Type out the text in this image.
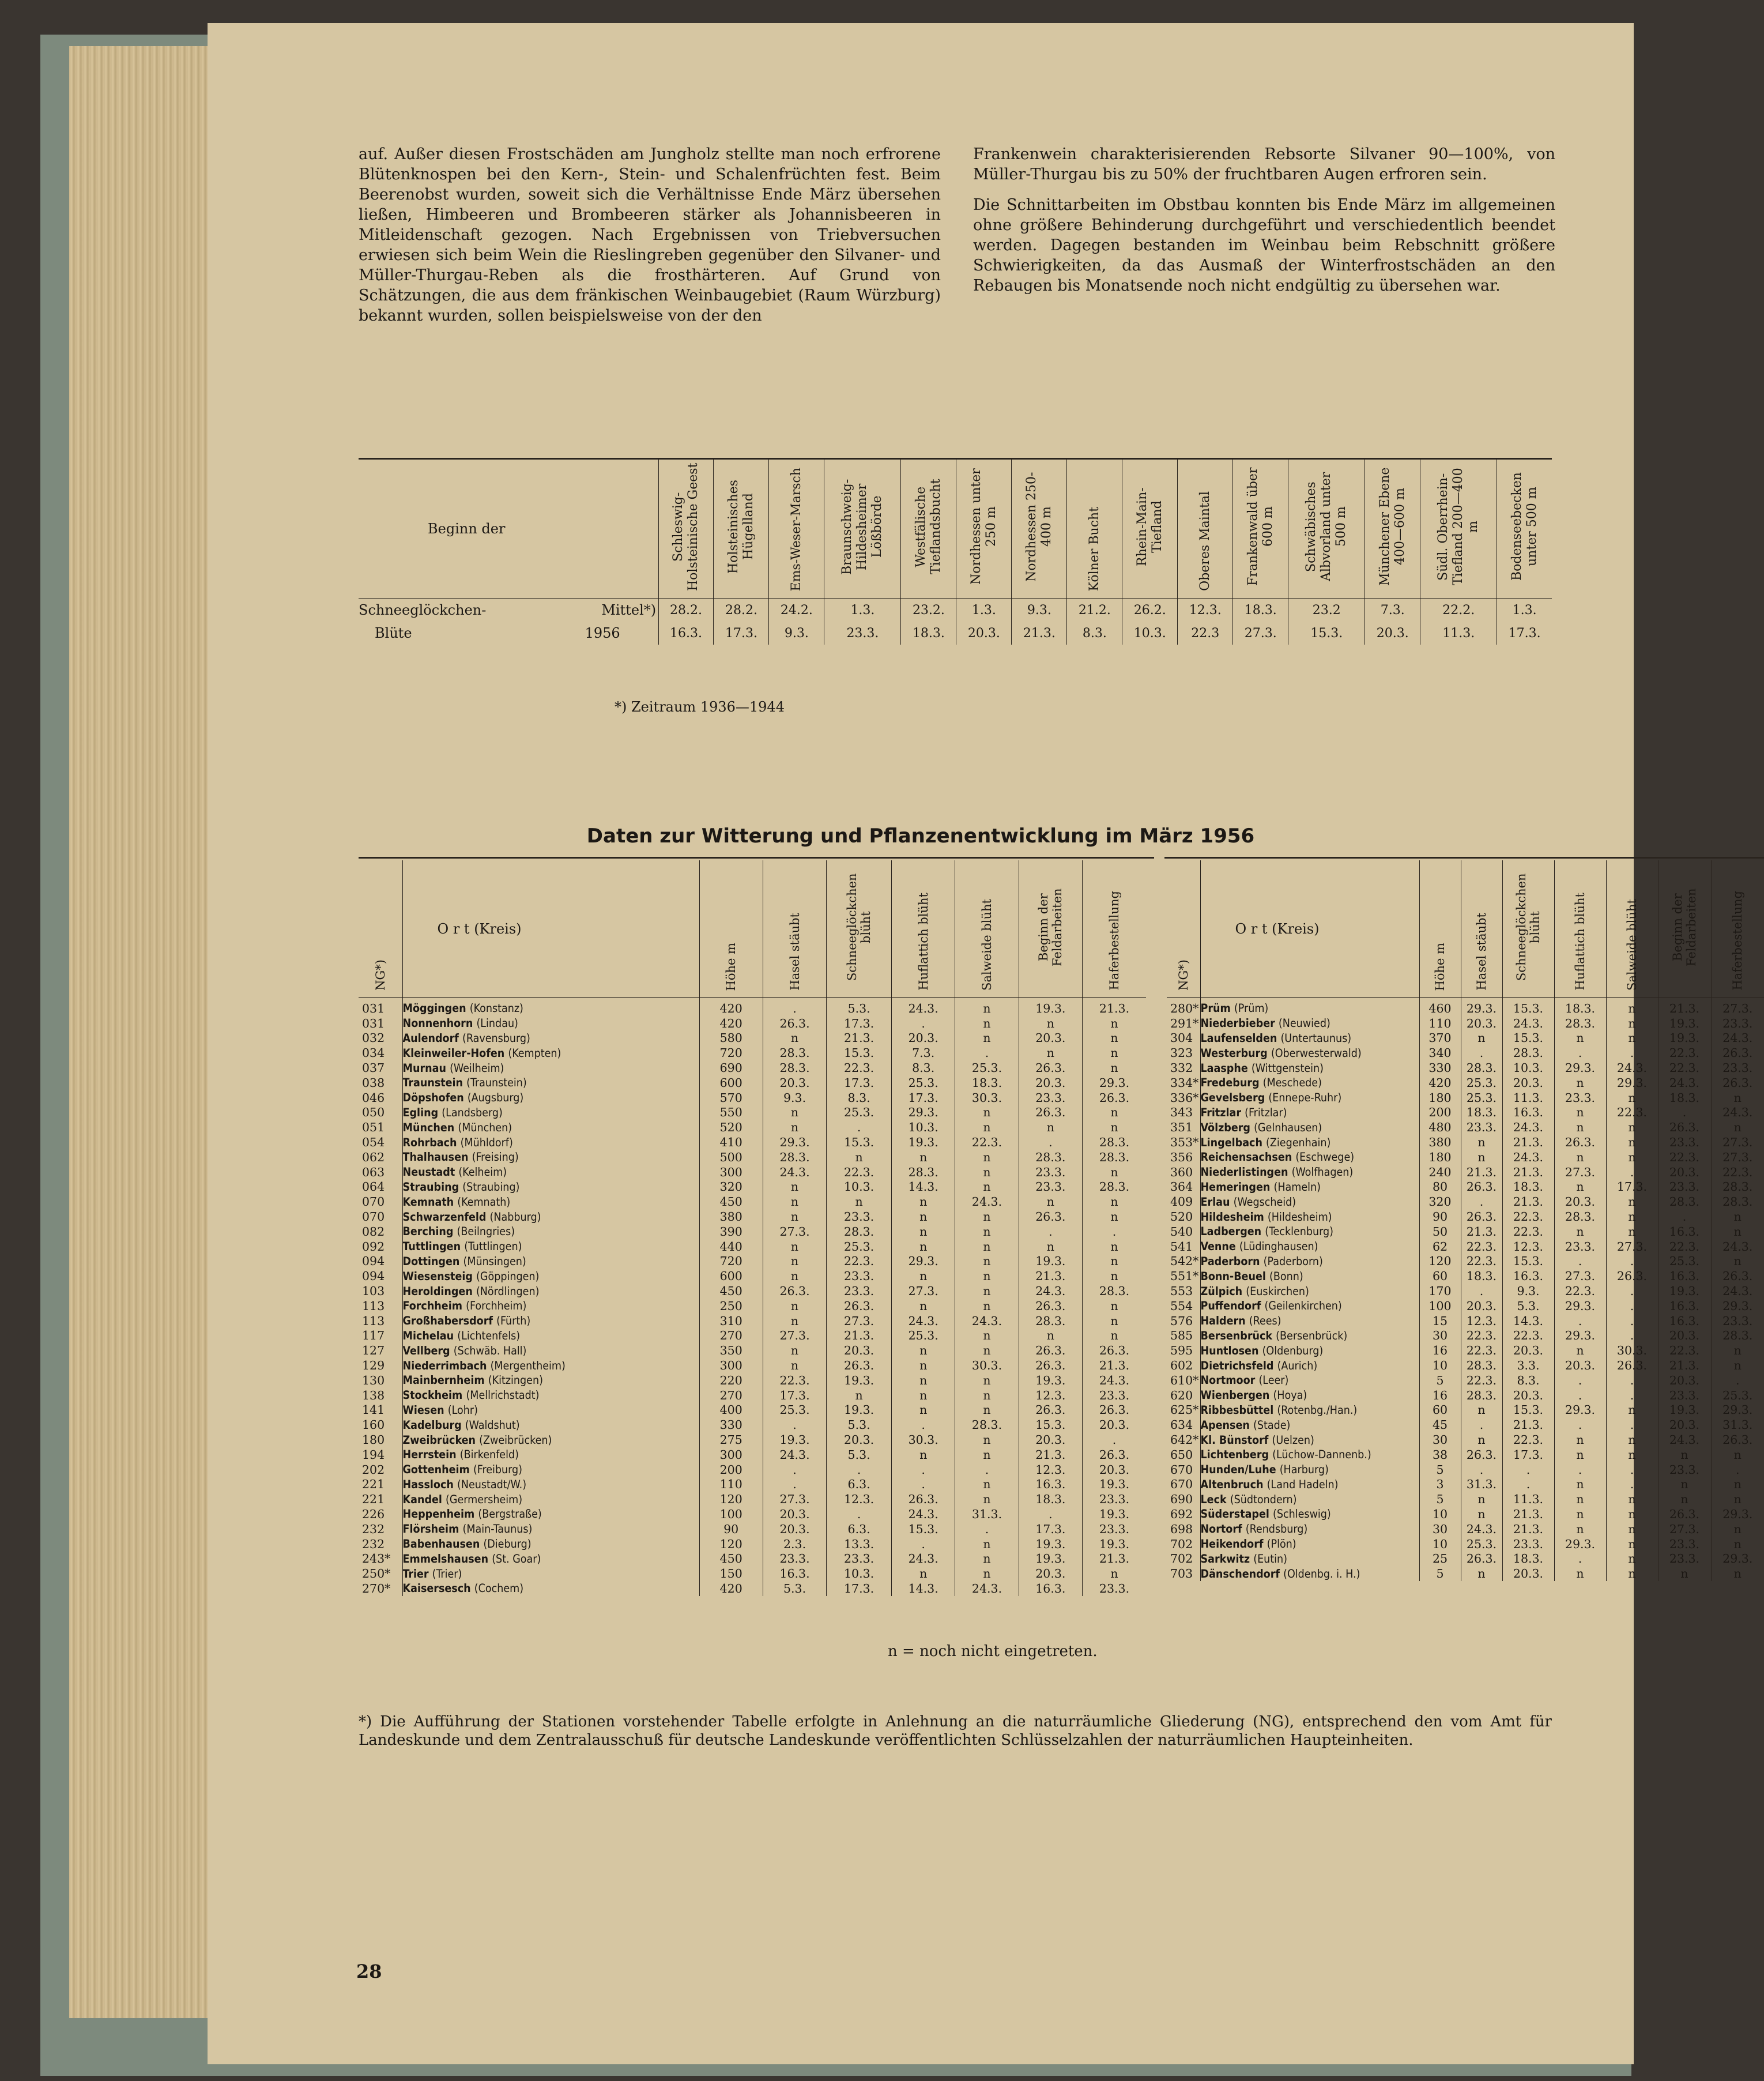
auf. Außer diesen Frostschäden am Jungholz stellte man noch erfrorene Blütenknospen bei den Kern-, Stein- und Schalenfrüchten fest. Beim Beerenobst wurden, soweit sich die Verhältnisse Ende März übersehen ließen, Himbeeren und Brombeeren stärker als Johannisbeeren in Mitleidenschaft gezogen. Nach Ergebnissen von Triebversuchen erwiesen sich beim Wein die Rieslingreben gegenüber den Silvaner- und Müller-Thurgau-Reben als die frosthärteren. Auf Grund von Schätzungen, die aus dem fränkischen Weinbaugebiet (Raum Würzburg) bekannt wurden, sollen beispielsweise von der den

Frankenwein charakterisierenden Rebsorte Silvaner 90—100%, von Müller-Thurgau bis zu 50% der fruchtbaren Augen erfroren sein.

Die Schnittarbeiten im Obstbau konnten bis Ende März im allgemeinen ohne größere Behinderung durchgeführt und verschiedentlich beendet werden. Dagegen bestanden im Weinbau beim Rebschnitt größere Schwierigkeiten, da das Ausmaß der Winterfrostschäden an den Rebaugen bis Monatsende noch nicht endgültig zu übersehen war.

Beginn der	Schleswig-Holsteinische Geest	Holsteinisches Hügelland	Ems-Weser-Marsch	Braunschweig-Hildesheimer Lößbörde	Westfälische Tieflandsbucht	Nordhessen unter 250 m	Nordhessen 250-400 m	Kölner Bucht	Rhein-Main-Tiefland	Oberes Maintal	Frankenwald über 600 m	Schwäbisches Albvorland unter 500 m	Münchener Ebene 400—600 m	Südl. Oberrhein-Tiefland 200—400 m	Bodenseebecken unter 500 m
Schneeglöckchen- Mittel*)	28.2.	28.2.	24.2.	1.3.	23.2.	1.3.	9.3.	21.2.	26.2.	12.3.	18.3.	23.2	7.3.	22.2.	1.3.
Blüte 1956	16.3.	17.3.	9.3.	23.3.	18.3.	20.3.	21.3.	8.3.	10.3.	22.3	27.3.	15.3.	20.3.	11.3.	17.3.
*) Zeitraum 1936—1944
Daten zur Witterung und Pflanzenentwicklung im März 1956
NG*)	O r t (Kreis)	Höhe m	Hasel stäubt	Schneeglöckchen blüht	Huflattich blüht	Salweide blüht	Beginn der Feldarbeiten	Haferbestellung
031	Möggingen (Konstanz)	420	.	5.3.	24.3.	n	19.3.	21.3.
031	Nonnenhorn (Lindau)	420	26.3.	17.3.	.	n	n	n
032	Aulendorf (Ravensburg)	580	n	21.3.	20.3.	n	20.3.	n
034	Kleinweiler-Hofen (Kempten)	720	28.3.	15.3.	7.3.	.	n	n
037	Murnau (Weilheim)	690	28.3.	22.3.	8.3.	25.3.	26.3.	n
038	Traunstein (Traunstein)	600	20.3.	17.3.	25.3.	18.3.	20.3.	29.3.
046	Döpshofen (Augsburg)	570	9.3.	8.3.	17.3.	30.3.	23.3.	26.3.
050	Egling (Landsberg)	550	n	25.3.	29.3.	n	26.3.	n
051	München (München)	520	n	.	10.3.	n	n	n
054	Rohrbach (Mühldorf)	410	29.3.	15.3.	19.3.	22.3.	.	28.3.
062	Thalhausen (Freising)	500	28.3.	n	n	n	28.3.	28.3.
063	Neustadt (Kelheim)	300	24.3.	22.3.	28.3.	n	23.3.	n
064	Straubing (Straubing)	320	n	10.3.	14.3.	n	23.3.	28.3.
070	Kemnath (Kemnath)	450	n	n	n	24.3.	n	n
070	Schwarzenfeld (Nabburg)	380	n	23.3.	n	n	26.3.	n
082	Berching (Beilngries)	390	27.3.	28.3.	n	n	.	.
092	Tuttlingen (Tuttlingen)	440	n	25.3.	n	n	n	n
094	Dottingen (Münsingen)	720	n	22.3.	29.3.	n	19.3.	n
094	Wiesensteig (Göppingen)	600	n	23.3.	n	n	21.3.	n
103	Heroldingen (Nördlingen)	450	26.3.	23.3.	27.3.	n	24.3.	28.3.
113	Forchheim (Forchheim)	250	n	26.3.	n	n	26.3.	n
113	Großhabersdorf (Fürth)	310	n	27.3.	24.3.	24.3.	28.3.	n
117	Michelau (Lichtenfels)	270	27.3.	21.3.	25.3.	n	n	n
127	Vellberg (Schwäb. Hall)	350	n	20.3.	n	n	26.3.	26.3.
129	Niederrimbach (Mergentheim)	300	n	26.3.	n	30.3.	26.3.	21.3.
130	Mainbernheim (Kitzingen)	220	22.3.	19.3.	n	n	19.3.	24.3.
138	Stockheim (Mellrichstadt)	270	17.3.	n	n	n	12.3.	23.3.
141	Wiesen (Lohr)	400	25.3.	19.3.	n	n	26.3.	26.3.
160	Kadelburg (Waldshut)	330	.	5.3.	.	28.3.	15.3.	20.3.
180	Zweibrücken (Zweibrücken)	275	19.3.	20.3.	30.3.	n	20.3.	.
194	Herrstein (Birkenfeld)	300	24.3.	5.3.	n	n	21.3.	26.3.
202	Gottenheim (Freiburg)	200	.	.	.	.	12.3.	20.3.
221	Hassloch (Neustadt/W.)	110	.	6.3.	.	n	16.3.	19.3.
221	Kandel (Germersheim)	120	27.3.	12.3.	26.3.	n	18.3.	23.3.
226	Heppenheim (Bergstraße)	100	20.3.	.	24.3.	31.3.	.	19.3.
232	Flörsheim (Main-Taunus)	90	20.3.	6.3.	15.3.	.	17.3.	23.3.
232	Babenhausen (Dieburg)	120	2.3.	13.3.	.	n	19.3.	19.3.
243*	Emmelshausen (St. Goar)	450	23.3.	23.3.	24.3.	n	19.3.	21.3.
250*	Trier (Trier)	150	16.3.	10.3.	n	n	20.3.	n
270*	Kaisersesch (Cochem)	420	5.3.	17.3.	14.3.	24.3.	16.3.	23.3.
NG*)	O r t (Kreis)	Höhe m	Hasel stäubt	Schneeglöckchen blüht	Huflattich blüht	Salweide blüht	Beginn der Feldarbeiten	Haferbestellung
280*	Prüm (Prüm)	460	29.3.	15.3.	18.3.	n	21.3.	27.3.
291*	Niederbieber (Neuwied)	110	20.3.	24.3.	28.3.	n	19.3.	23.3.
304	Laufenselden (Untertaunus)	370	n	15.3.	n	n	19.3.	24.3.
323	Westerburg (Oberwesterwald)	340	.	28.3.	.	.	22.3.	26.3.
332	Laasphe (Wittgenstein)	330	28.3.	10.3.	29.3.	24.3.	22.3.	23.3.
334*	Fredeburg (Meschede)	420	25.3.	20.3.	n	29.3.	24.3.	26.3.
336*	Gevelsberg (Ennepe-Ruhr)	180	25.3.	11.3.	23.3.	n	18.3.	n
343	Fritzlar (Fritzlar)	200	18.3.	16.3.	n	22.3.	.	24.3.
351	Völzberg (Gelnhausen)	480	23.3.	24.3.	n	n	26.3.	n
353*	Lingelbach (Ziegenhain)	380	n	21.3.	26.3.	n	23.3.	27.3.
356	Reichensachsen (Eschwege)	180	n	24.3.	n	n	22.3.	27.3.
360	Niederlistingen (Wolfhagen)	240	21.3.	21.3.	27.3.	.	20.3.	22.3.
364	Hemeringen (Hameln)	80	26.3.	18.3.	n	17.3.	23.3.	28.3.
409	Erlau (Wegscheid)	320	.	21.3.	20.3.	n	28.3.	28.3.
520	Hildesheim (Hildesheim)	90	26.3.	22.3.	28.3.	n	.	n
540	Ladbergen (Tecklenburg)	50	21.3.	22.3.	n	n	16.3.	n
541	Venne (Lüdinghausen)	62	22.3.	12.3.	23.3.	27.3.	22.3.	24.3.
542*	Paderborn (Paderborn)	120	22.3.	15.3.	.	.	25.3.	n
551*	Bonn-Beuel (Bonn)	60	18.3.	16.3.	27.3.	26.3.	16.3.	26.3.
553	Zülpich (Euskirchen)	170	.	9.3.	22.3.	.	19.3.	24.3.
554	Puffendorf (Geilenkirchen)	100	20.3.	5.3.	29.3.	.	16.3.	29.3.
576	Haldern (Rees)	15	12.3.	14.3.	.	.	16.3.	23.3.
585	Bersenbrück (Bersenbrück)	30	22.3.	22.3.	29.3.	.	20.3.	28.3.
595	Huntlosen (Oldenburg)	16	22.3.	20.3.	n	30.3.	22.3.	n
602	Dietrichsfeld (Aurich)	10	28.3.	3.3.	20.3.	26.3.	21.3.	n
610*	Nortmoor (Leer)	5	22.3.	8.3.	.	.	20.3.	.
620	Wienbergen (Hoya)	16	28.3.	20.3.	.	.	23.3.	25.3.
625*	Ribbesbüttel (Rotenbg./Han.)	60	n	15.3.	29.3.	n	19.3.	29.3.
634	Apensen (Stade)	45	.	21.3.	.	.	20.3.	31.3.
642*	Kl. Bünstorf (Uelzen)	30	n	22.3.	n	n	24.3.	26.3.
650	Lichtenberg (Lüchow-Dannenb.)	38	26.3.	17.3.	n	n	n	n
670	Hunden/Luhe (Harburg)	5	.	.	.	.	23.3.	.
670	Altenbruch (Land Hadeln)	3	31.3.	.	n	.	n	n
690	Leck (Südtondern)	5	n	11.3.	n	n	n	n
692	Süderstapel (Schleswig)	10	n	21.3.	n	n	26.3.	29.3.
698	Nortorf (Rendsburg)	30	24.3.	21.3.	n	n	27.3.	n
702	Heikendorf (Plön)	10	25.3.	23.3.	29.3.	n	23.3.	n
702	Sarkwitz (Eutin)	25	26.3.	18.3.	.	n	23.3.	29.3.
703	Dänschendorf (Oldenbg. i. H.)	5	n	20.3.	n	n	n	n
n = noch nicht eingetreten.
*) Die Aufführung der Stationen vorstehender Tabelle erfolgte in Anlehnung an die naturräumliche Gliederung (NG), entsprechend den vom Amt für Landeskunde und dem Zentralausschuß für deutsche Landeskunde veröffentlichten Schlüsselzahlen der naturräumlichen Haupteinheiten.
28
